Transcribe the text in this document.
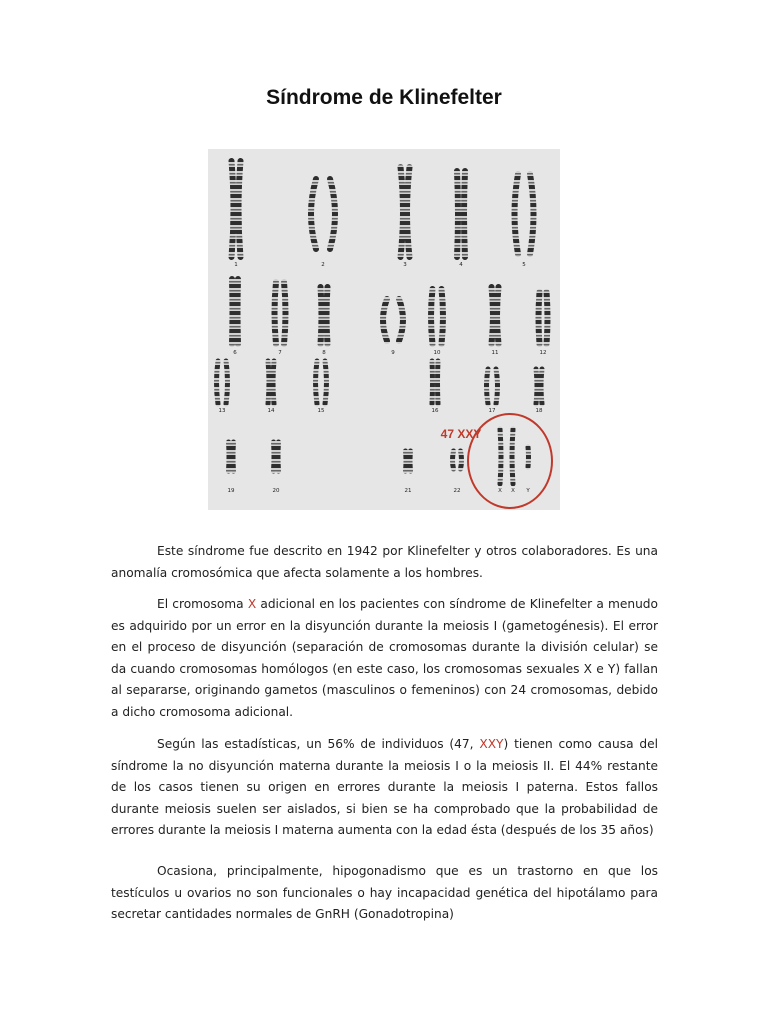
Síndrome de Klinefelter
1	2	3	4	5
6	7	8	9	10	11	12
13	14	15	16	17	18
19	20	21	22	X X Y
47 XXY

Este síndrome fue descrito en 1942 por Klinefelter y otros colaboradores. Es una anomalía cromosómica que afecta solamente a los hombres.

El cromosoma X adicional en los pacientes con síndrome de Klinefelter a menudo es adquirido por un error en la disyunción durante la meiosis I (gametogénesis). El error en el proceso de disyunción (separación de cromosomas durante la división celular) se da cuando cromosomas homólogos (en este caso, los cromosomas sexuales X e Y) fallan al separarse, originando gametos (masculinos o femeninos) con 24 cromosomas, debido a dicho cromosoma adicional.

Según las estadísticas, un 56% de individuos (47, XXY) tienen como causa del síndrome la no disyunción materna durante la meiosis I o la meiosis II. El 44% restante de los casos tienen su origen en errores durante la meiosis I paterna. Estos fallos durante meiosis suelen ser aislados, si bien se ha comprobado que la probabilidad de errores durante la meiosis I materna aumenta con la edad ésta (después de los 35 años)

Ocasiona, principalmente, hipogonadismo que es un trastorno en que los testículos u ovarios no son funcionales o hay incapacidad genética del hipotálamo para secretar cantidades normales de GnRH (Gonadotropina)
